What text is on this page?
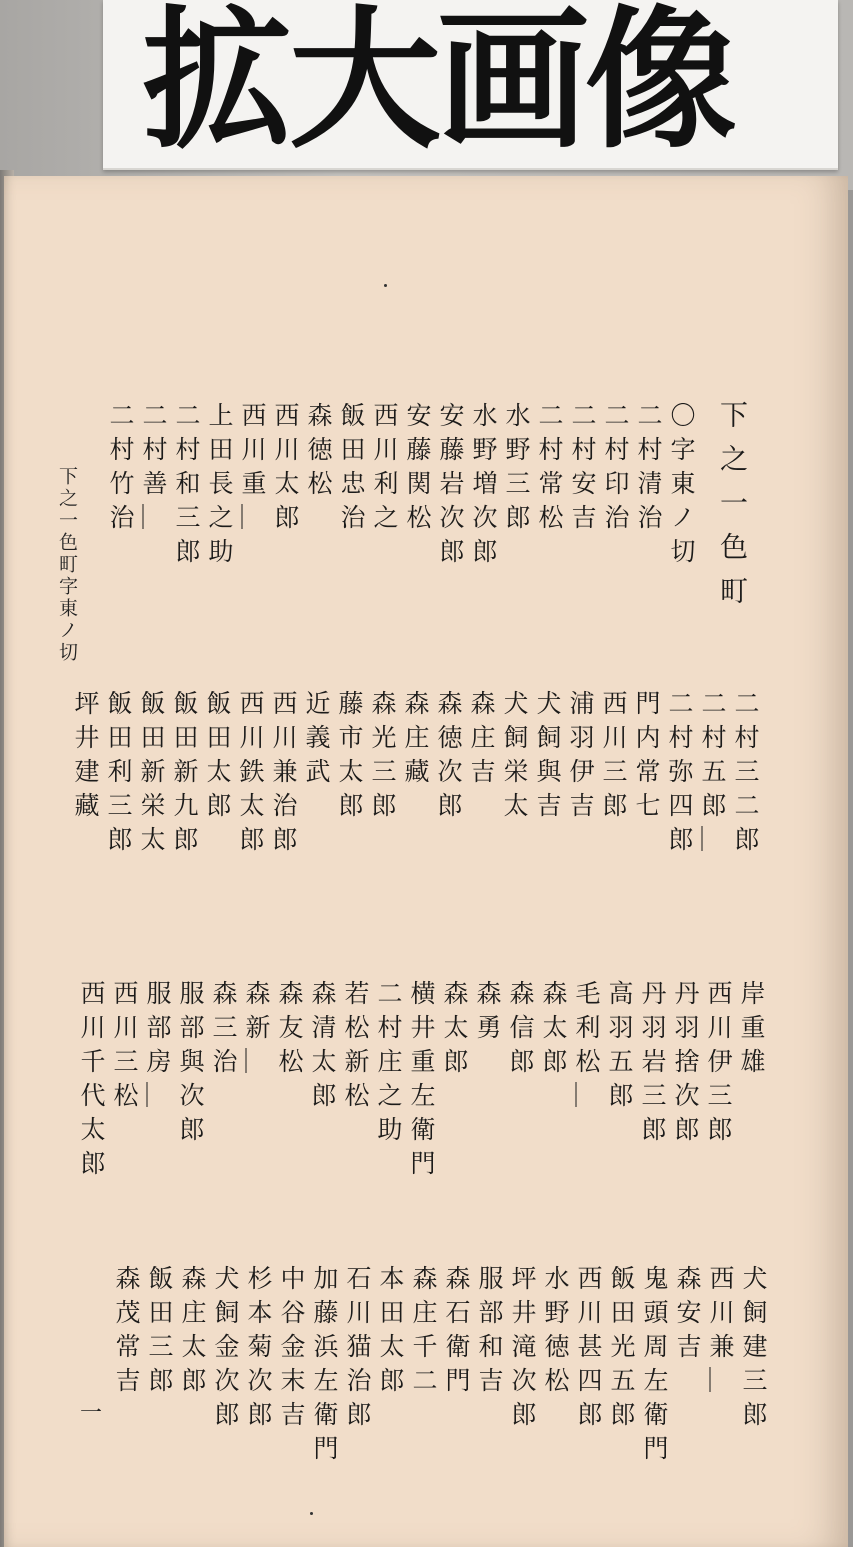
拡大画像
下之一色町
下之一色町字東ノ切
一
〇字東ノ切
二村清治
二村印治
二村安吉
二村常松
水野三郎
水野増次郎
安藤岩次郎
安藤関松
西川利之
飯田忠治
森徳松
西川太郎
西川重＿
上田長之助
二村和三郎
二村善＿
二村竹治
二村三二郎
二村五郎＿
二村弥四郎
門内常七
西川三郎
浦羽伊吉
犬飼與吉
犬飼栄太
森庄吉
森徳次郎
森庄藏
森光三郎
藤市太郎
近義武
西川兼治郎
西川鉄太郎
飯田太郎
飯田新九郎
飯田新栄太
飯田利三郎
坪井建藏
岸重雄
西川伊三郎
丹羽捨次郎
丹羽岩三郎
高羽五郎
毛利松＿
森太郎
森信郎
森勇
森太郎
横井重左衛門
二村庄之助
若松新松
森清太郎
森友松
森新＿
森三治
服部與次郎
服部房＿
西川三松
西川千代太郎
犬飼建三郎
西川兼＿
森安吉
鬼頭周左衛門
飯田光五郎
西川甚四郎
水野徳松
坪井滝次郎
服部和吉
森石衛門
森庄千二
本田太郎
石川猫治郎
加藤浜左衛門
中谷金末吉
杉本菊次郎
犬飼金次郎
森庄太郎
飯田三郎
森茂常吉
